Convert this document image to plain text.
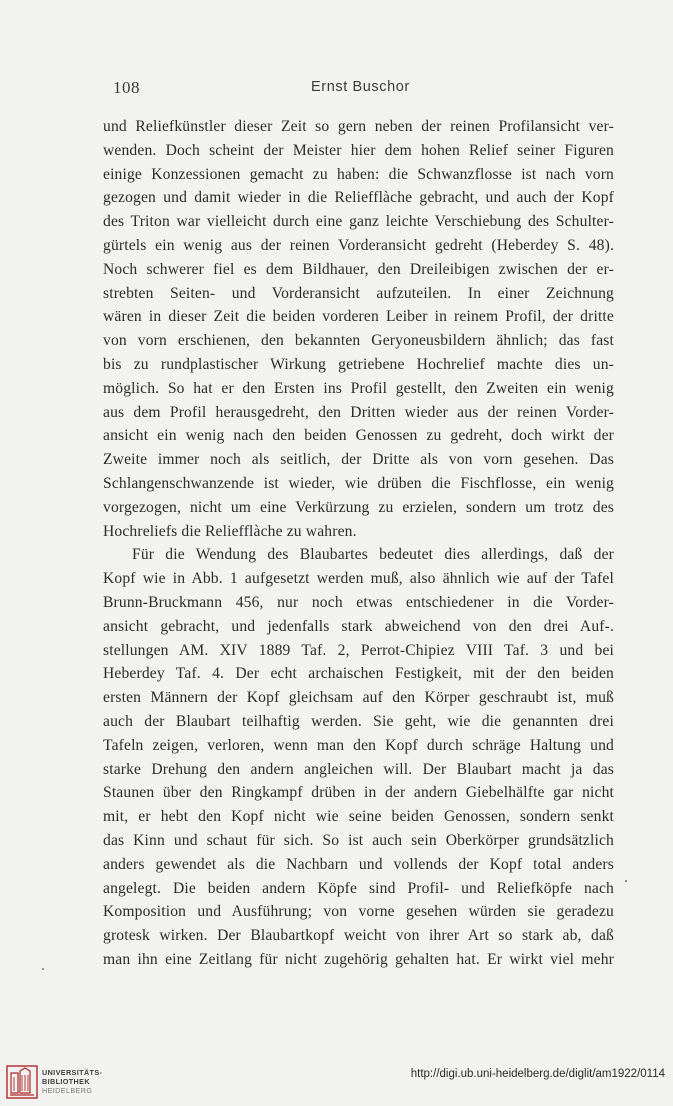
108	Ernst Buschor
und Reliefkünstler dieser Zeit so gern neben der reinen Profilansicht ver-
wenden. Doch scheint der Meister hier dem hohen Relief seiner Figuren
einige Konzessionen gemacht zu haben: die Schwanzflosse ist nach vorn
gezogen und damit wieder in die Reliefflàche gebracht, und auch der Kopf
des Triton war vielleicht durch eine ganz leichte Verschiebung des Schulter-
gürtels ein wenig aus der reinen Vorderansicht gedreht (Heberdey S. 48).
Noch schwerer fiel es dem Bildhauer, den Dreileibigen zwischen der er-
strebten Seiten- und Vorderansicht aufzuteilen. In einer Zeichnung
wären in dieser Zeit die beiden vorderen Leiber in reinem Profil, der dritte
von vorn erschienen, den bekannten Geryoneusbildern ähnlich; das fast
bis zu rundplastischer Wirkung getriebene Hochrelief machte dies un-
möglich. So hat er den Ersten ins Profil gestellt, den Zweiten ein wenig
aus dem Profil herausgedreht, den Dritten wieder aus der reinen Vorder-
ansicht ein wenig nach den beiden Genossen zu gedreht, doch wirkt der
Zweite immer noch als seitlich, der Dritte als von vorn gesehen. Das
Schlangenschwanzende ist wieder, wie drüben die Fischflosse, ein wenig
vorgezogen, nicht um eine Verkürzung zu erzielen, sondern um trotz des
Hochreliefs die Reliefflàche zu wahren.
Für die Wendung des Blaubartes bedeutet dies allerdings, daß der
Kopf wie in Abb. 1 aufgesetzt werden muß, also ähnlich wie auf der Tafel
Brunn-Bruckmann 456, nur noch etwas entschiedener in die Vorder-
ansicht gebracht, und jedenfalls stark abweichend von den drei Auf-.
stellungen AM. XIV 1889 Taf. 2, Perrot-Chipiez VIII Taf. 3 und bei
Heberdey Taf. 4. Der echt archaischen Festigkeit, mit der den beiden
ersten Männern der Kopf gleichsam auf den Körper geschraubt ist, muß
auch der Blaubart teilhaftig werden. Sie geht, wie die genannten drei
Tafeln zeigen, verloren, wenn man den Kopf durch schräge Haltung und
starke Drehung den andern angleichen will. Der Blaubart macht ja das
Staunen über den Ringkampf drüben in der andern Giebelhälfte gar nicht
mit, er hebt den Kopf nicht wie seine beiden Genossen, sondern senkt
das Kinn und schaut für sich. So ist auch sein Oberkörper grundsätzlich
anders gewendet als die Nachbarn und vollends der Kopf total anders
angelegt. Die beiden andern Köpfe sind Profil- und Reliefköpfe nach
Komposition und Ausführung; von vorne gesehen würden sie geradezu
grotesk wirken. Der Blaubartkopf weicht von ihrer Art so stark ab, daß
man ihn eine Zeitlang für nicht zugehörig gehalten hat. Er wirkt viel mehr
UNIVERSITÄTS-
BIBLIOTHEK
HEIDELBERG
http://digi.ub.uni-heidelberg.de/diglit/am1922/0114
